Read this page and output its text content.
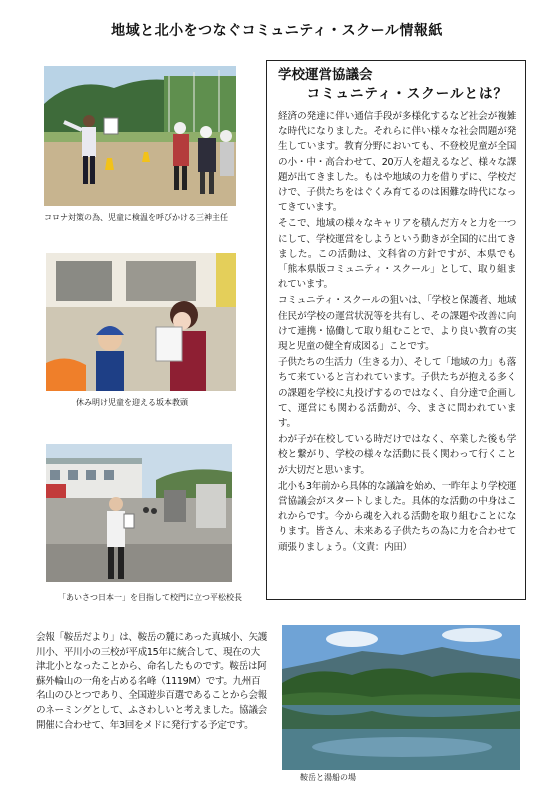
地域と北小をつなぐコミュニティ・スクール情報紙
コロナ対策の為、児童に検温を呼びかける三神主任
休み明け児童を迎える坂本教頭
「あいさつ日本一」を目指して校門に立つ平松校長
学校運営協議会
コミュニティ・スクールとは？

経済の発達に伴い通信手段が多様化するなど社会が複雑な時代になりました。それらに伴い様々な社会問題が発生しています。教育分野においても、不登校児童が全国の小・中・高合わせて、20万人を超えるなど、様々な課題が出てきました。もはや地域の力を借りずに、学校だけで、子供たちをはぐくみ育てるのは困難な時代になってきています。

そこで、地域の様々なキャリアを積んだ方々と力を一つにして、学校運営をしようという動きが全国的に出てきました。この活動は、文科省の方針ですが、本県でも「熊本県版コミュニティ・スクール」として、取り組まれています。

コミュニティ・スクールの狙いは、「学校と保護者、地域住民が学校の運営状況等を共有し、その課題や改善に向けて連携・協働して取り組むことで、より良い教育の実現と児童の健全育成図る」ことです。

子供たちの生活力（生きる力）、そして「地域の力」も落ちて来ていると言われています。子供たちが抱える多くの課題を学校に丸投げするのではなく、自分達で企画して、運営にも関わる活動が、今、まさに問われています。

わが子が在校している時だけではなく、卒業した後も学校と繋がり、学校の様々な活動に長く関わって行くことが大切だと思います。

北小も3年前から具体的な議論を始め、一昨年より学校運営協議会がスタートしました。具体的な活動の中身はこれからです。今から魂を入れる活動を取り組むことになります。皆さん、未来ある子供たちの為に力を合わせて頑張りましょう。（文責：内田）

会報「鞍岳だより」は、鞍岳の麓にあった真城小、矢護川小、平川小の三校が平成15年に統合して、現在の大津北小となったことから、命名したものです。鞍岳は阿蘇外輪山の一角を占める名峰（1119M）です。九州百名山のひとつであり、全国遊歩百選であることから会報のネーミングとして、ふさわしいと考えました。協議会開催に合わせて、年3回をメドに発行する予定です。

鞍岳と湯船の場
